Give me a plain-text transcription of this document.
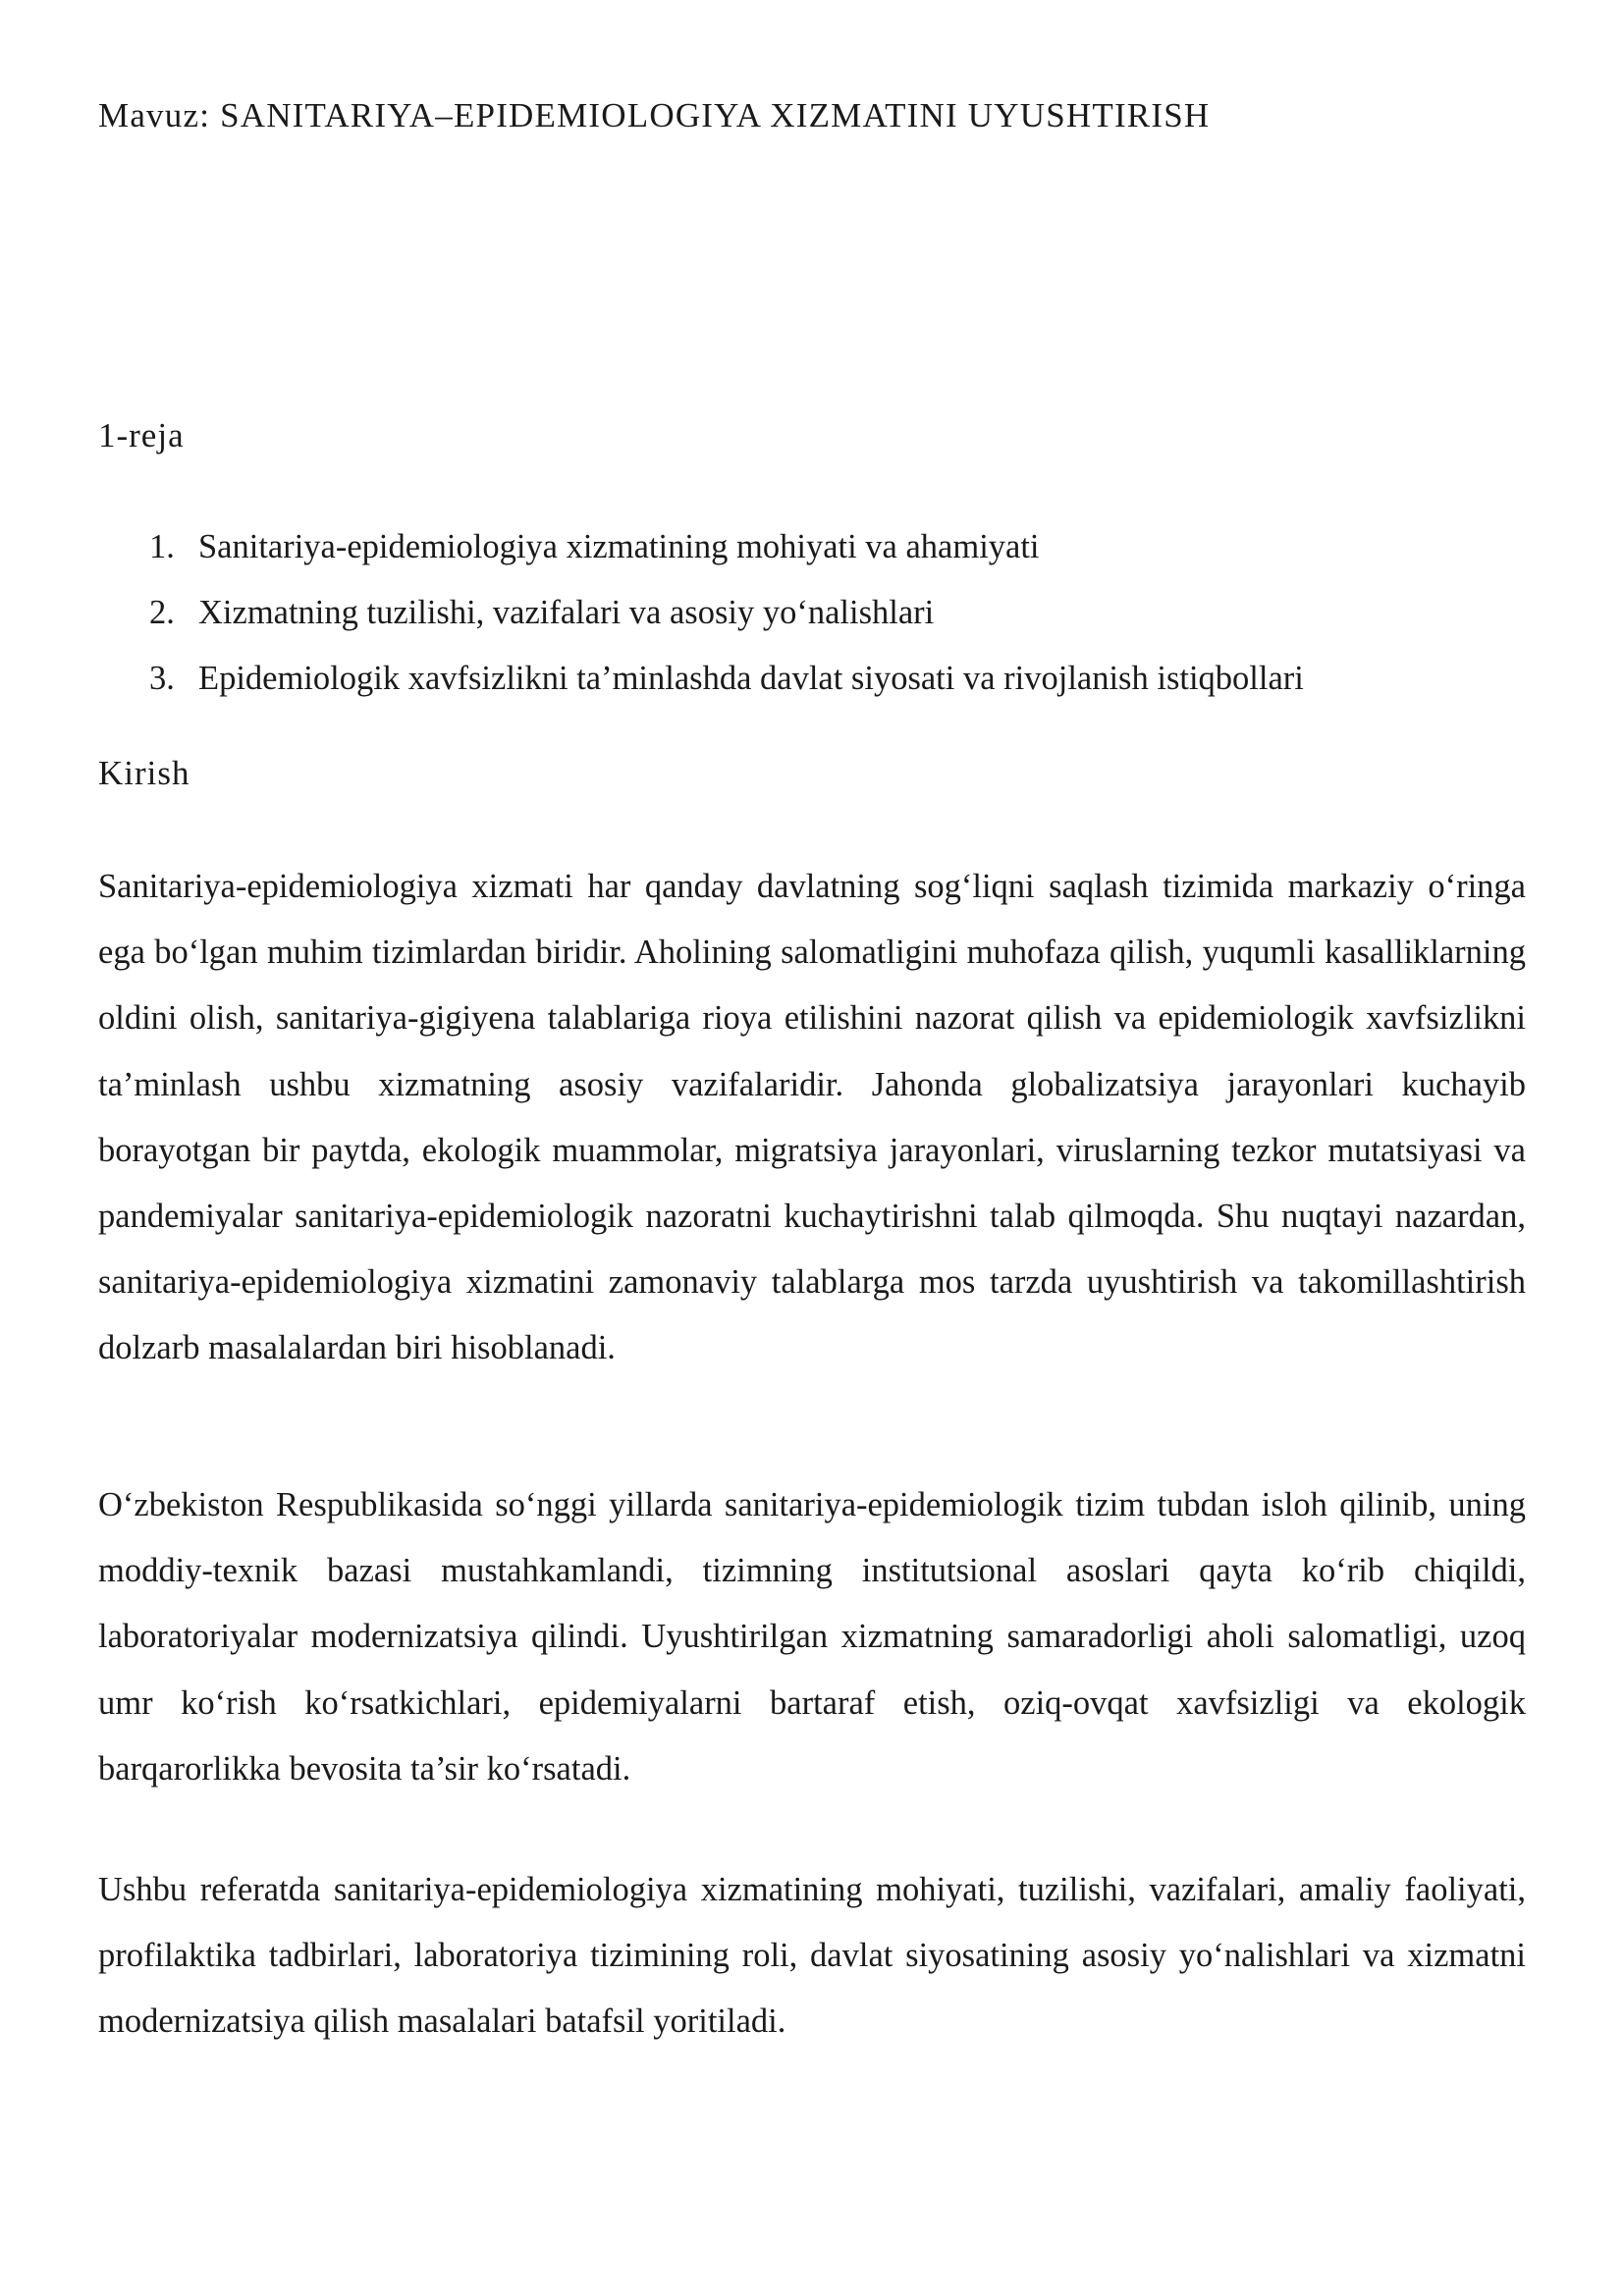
Mavuz: SANITARIYA–EPIDEMIOLOGIYA XIZMATINI UYUSHTIRISH

1-reja

1. Sanitariya-epidemiologiya xizmatining mohiyati va ahamiyati
2. Xizmatning tuzilishi, vazifalari va asosiy yo‘nalishlari
3. Epidemiologik xavfsizlikni ta’minlashda davlat siyosati va rivojlanish istiqbollari
Kirish

Sanitariya-epidemiologiya xizmati har qanday davlatning sog‘liqni saqlash tizimida markaziy o‘ringa ega bo‘lgan muhim tizimlardan biridir. Aholining salomatligini muhofaza qilish, yuqumli kasalliklarning oldini olish, sanitariya-gigiyena talablariga rioya etilishini nazorat qilish va epidemiologik xavfsizlikni ta’minlash ushbu xizmatning asosiy vazifalaridir. Jahonda globalizatsiya jarayonlari kuchayib borayotgan bir paytda, ekologik muammolar, migratsiya jarayonlari, viruslarning tezkor mutatsiyasi va pandemiyalar sanitariya-epidemiologik nazoratni kuchaytirishni talab qilmoqda. Shu nuqtayi nazardan, sanitariya-epidemiologiya xizmatini zamonaviy talablarga mos tarzda uyushtirish va takomillashtirish dolzarb masalalardan biri hisoblanadi.

O‘zbekiston Respublikasida so‘nggi yillarda sanitariya-epidemiologik tizim tubdan isloh qilinib, uning moddiy-texnik bazasi mustahkamlandi, tizimning institutsional asoslari qayta ko‘rib chiqildi, laboratoriyalar modernizatsiya qilindi. Uyushtirilgan xizmatning samaradorligi aholi salomatligi, uzoq umr ko‘rish ko‘rsatkichlari, epidemiyalarni bartaraf etish, oziq-ovqat xavfsizligi va ekologik barqarorlikka bevosita ta’sir ko‘rsatadi.

Ushbu referatda sanitariya-epidemiologiya xizmatining mohiyati, tuzilishi, vazifalari, amaliy faoliyati, profilaktika tadbirlari, laboratoriya tizimining roli, davlat siyosatining asosiy yo‘nalishlari va xizmatni modernizatsiya qilish masalalari batafsil yoritiladi.
